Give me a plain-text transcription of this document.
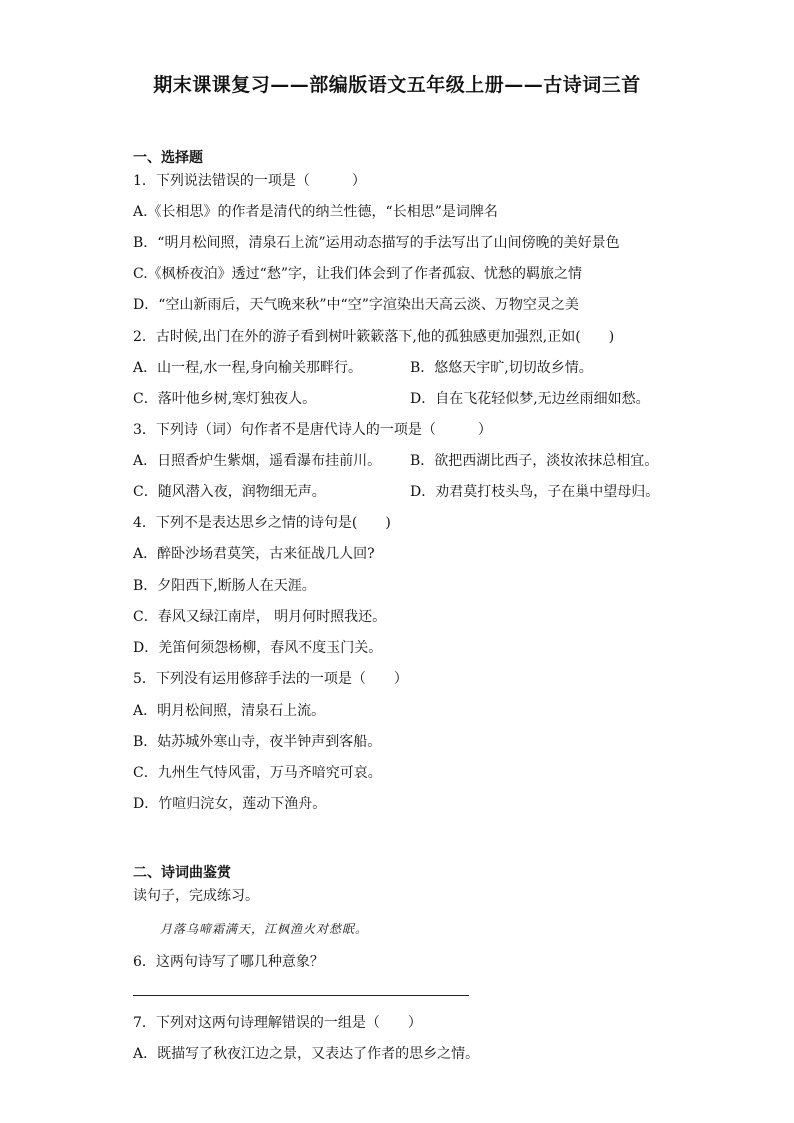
期末课课复习——部编版语文五年级上册——古诗词三首
一、选择题
1．下列说法错误的一项是（　　　）
A.《长相思》的作者是清代的纳兰性德，“长相思”是词牌名
B．“明月松间照，清泉石上流”运用动态描写的手法写出了山间傍晚的美好景色
C.《枫桥夜泊》透过“愁”字，让我们体会到了作者孤寂、忧愁的羁旅之情
D．“空山新雨后，天气晚来秋”中“空”字渲染出天高云淡、万物空灵之美
2．古时候,出门在外的游子看到树叶簌簌落下,他的孤独感更加强烈,正如(　　)
A．山一程,水一程,身向榆关那畔行。	B．悠悠天宇旷,切切故乡情。
C．落叶他乡树,寒灯独夜人。	D．自在飞花轻似梦,无边丝雨细如愁。
3．下列诗（词）句作者不是唐代诗人的一项是（　　　）
A．日照香炉生紫烟，遥看瀑布挂前川。 B．欲把西湖比西子，淡妆浓抹总相宜。
C．随风潜入夜，润物细无声。	D．劝君莫打枝头鸟，子在巢中望母归。
4．下列不是表达思乡之情的诗句是(　　)
A．醉卧沙场君莫笑，古来征战几人回?
B．夕阳西下,断肠人在天涯。
C．春风又绿江南岸， 明月何时照我还。
D．羌笛何须怨杨柳，春风不度玉门关。
5．下列没有运用修辞手法的一项是（　　）
A．明月松间照，清泉石上流。
B．姑苏城外寒山寺，夜半钟声到客船。
C．九州生气恃风雷，万马齐喑究可哀。
D．竹喧归浣女，莲动下渔舟。
二、诗词曲鉴赏
读句子，完成练习。
月落乌啼霜满天，江枫渔火对愁眠。
6．这两句诗写了哪几种意象？
7．下列对这两句诗理解错误的一组是（　　）
A．既描写了秋夜江边之景，又表达了作者的思乡之情。
